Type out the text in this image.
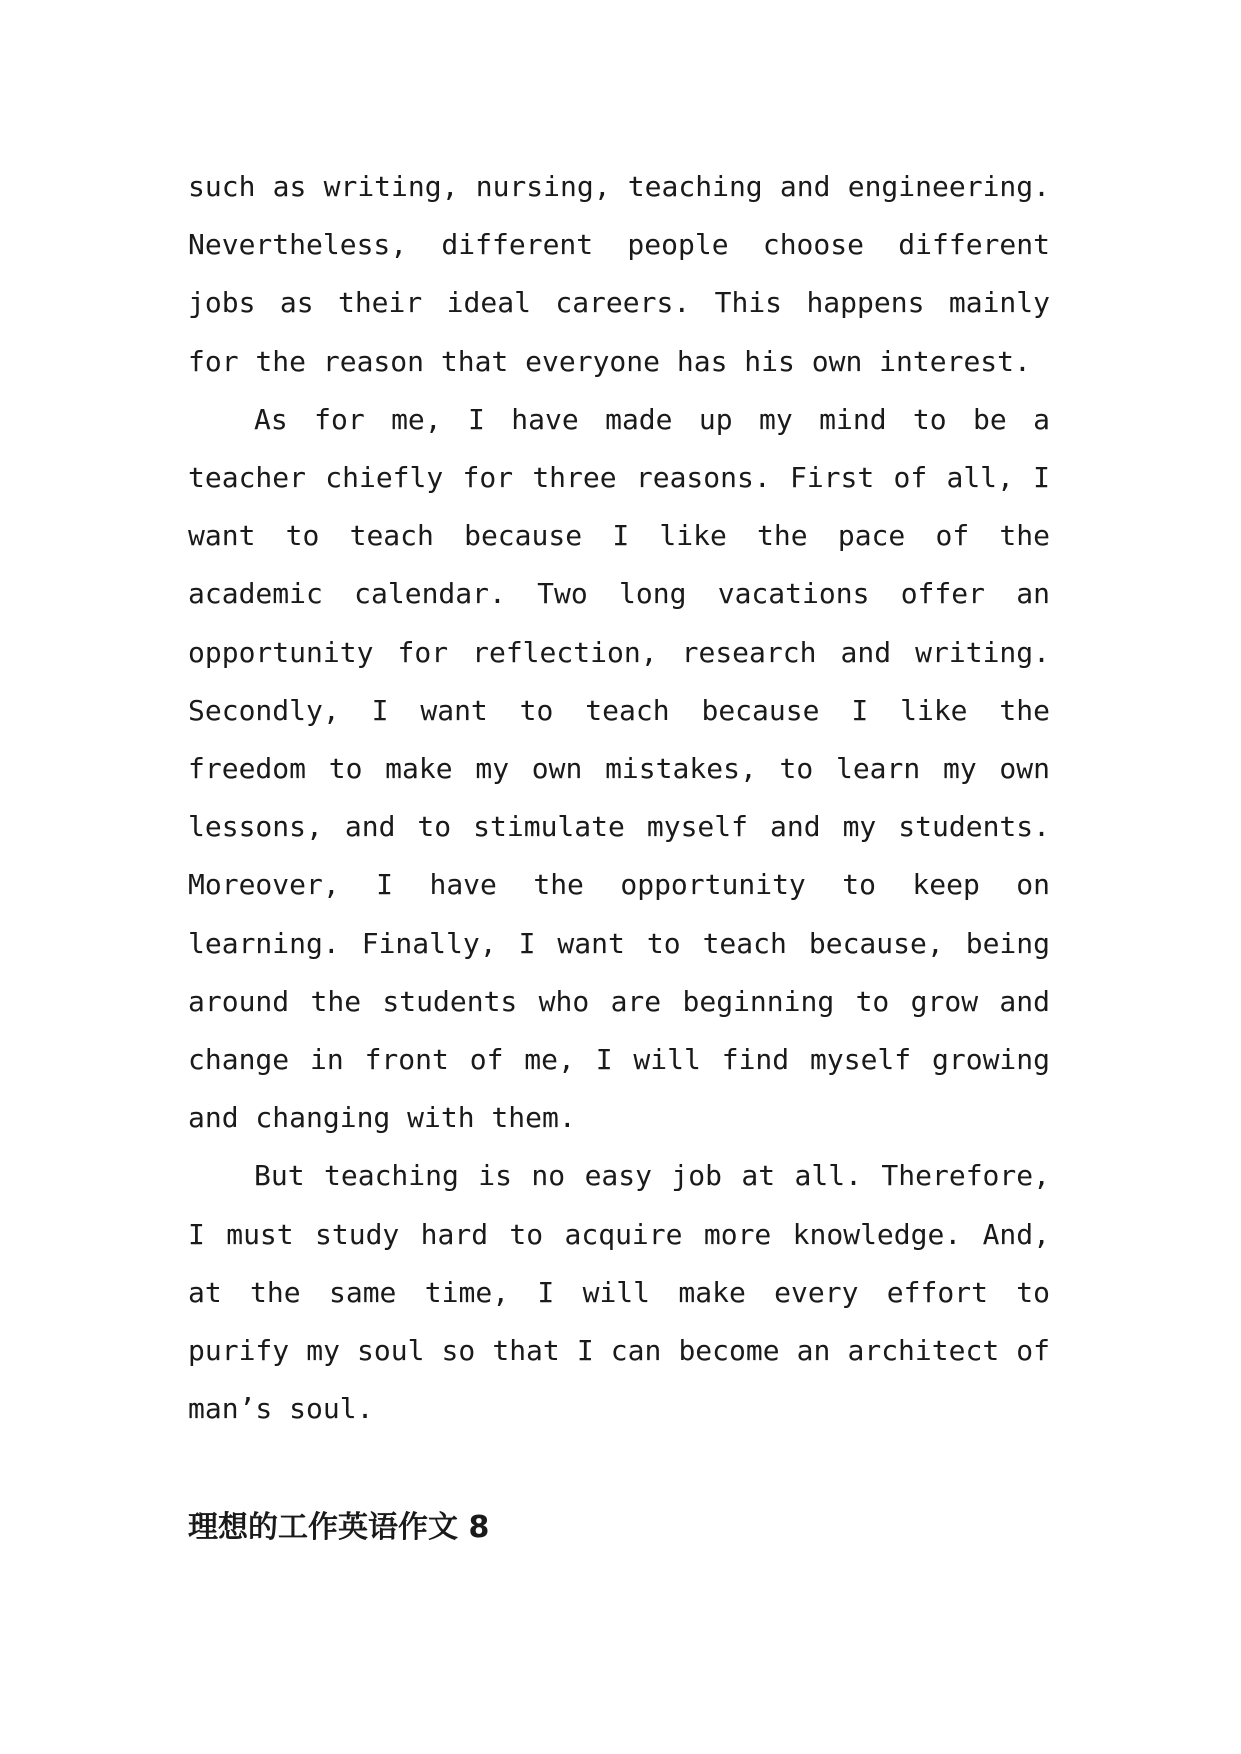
such as writing, nursing, teaching and engineering. Nevertheless, different people choose different jobs as their ideal careers. This happens mainly for the reason that everyone has his own interest.

As for me, I have made up my mind to be a teacher chiefly for three reasons. First of all, I want to teach because I like the pace of the academic calendar. Two long vacations offer an opportunity for reflection, research and writing. Secondly, I want to teach because I like the freedom to make my own mistakes, to learn my own lessons, and to stimulate myself and my students. Moreover, I have the opportunity to keep on learning. Finally, I want to teach because, being around the students who are beginning to grow and change in front of me, I will find myself growing and changing with them.

But teaching is no easy job at all. Therefore, I must study hard to acquire more knowledge. And, at the same time, I will make every effort to purify my soul so that I can become an architect of man’s soul.

理想的工作英语作文 8
